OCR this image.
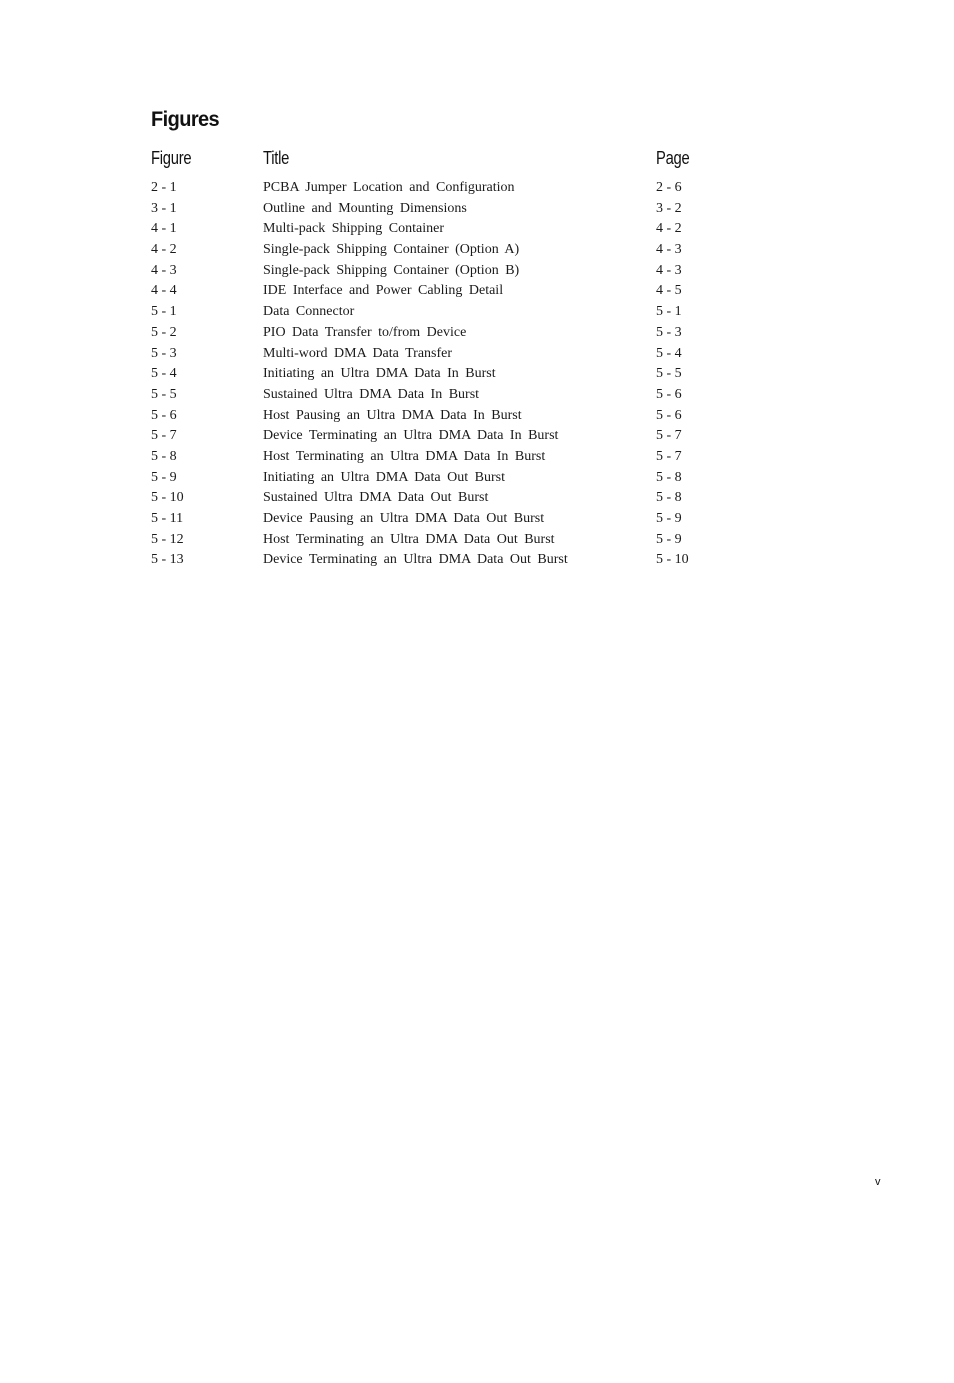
Figures
Figure	Title	Page
2 - 1	PCBA Jumper Location and Configuration	2 - 6
3 - 1	Outline and Mounting Dimensions	3 - 2
4 - 1	Multi-pack Shipping Container	4 - 2
4 - 2	Single-pack Shipping Container (Option A)	4 - 3
4 - 3	Single-pack Shipping Container (Option B)	4 - 3
4 - 4	IDE Interface and Power Cabling Detail	4 - 5
5 - 1	Data Connector	5 - 1
5 - 2	PIO Data Transfer to/from Device	5 - 3
5 - 3	Multi-word DMA Data Transfer	5 - 4
5 - 4	Initiating an Ultra DMA Data In Burst	5 - 5
5 - 5	Sustained Ultra DMA Data In Burst	5 - 6
5 - 6	Host Pausing an Ultra DMA Data In Burst	5 - 6
5 - 7	Device Terminating an Ultra DMA Data In Burst	5 - 7
5 - 8	Host Terminating an Ultra DMA Data In Burst	5 - 7
5 - 9	Initiating an Ultra DMA Data Out Burst	5 - 8
5 - 10	Sustained Ultra DMA Data Out Burst	5 - 8
5 - 11	Device Pausing an Ultra DMA Data Out Burst	5 - 9
5 - 12	Host Terminating an Ultra DMA Data Out Burst	5 - 9
5 - 13	Device Terminating an Ultra DMA Data Out Burst	5 - 10
v
